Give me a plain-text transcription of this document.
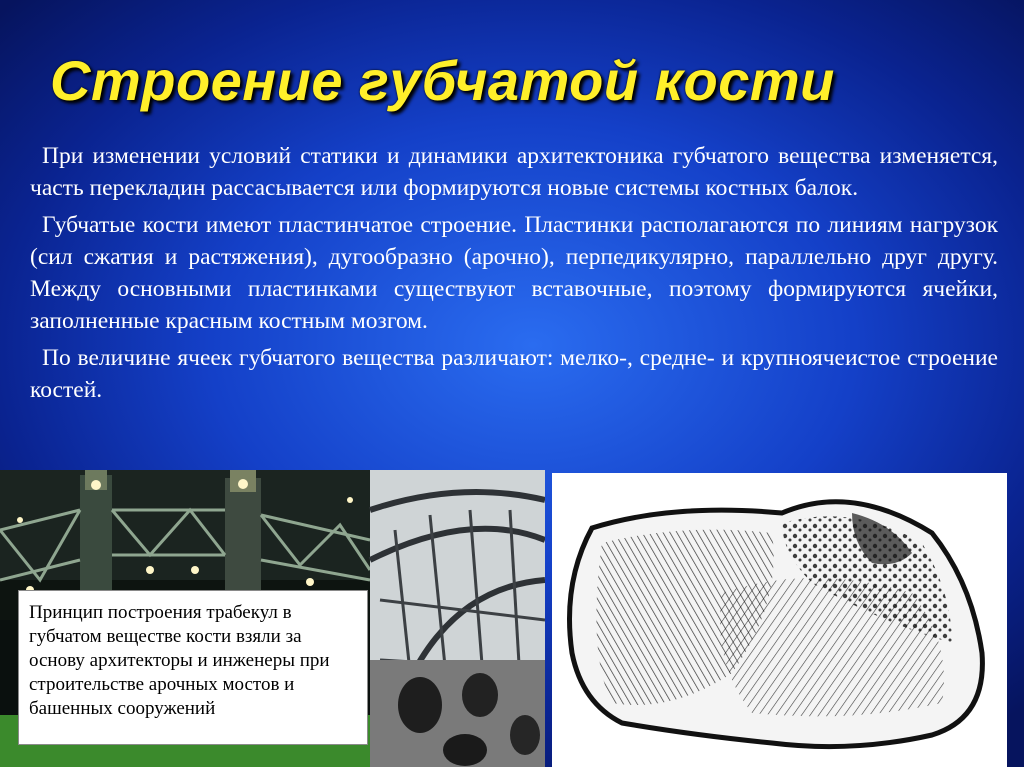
Строение губчатой кости

При изменении условий статики и динамики архитектоника губчатого вещества изменяется, часть перекладин рассасывается или формируются новые системы костных балок.

Губчатые кости имеют пластинчатое строение. Пластинки располагаются по линиям нагрузок (сил сжатия и растяжения), дугообразно (арочно), перпедикулярно, параллельно друг другу. Между основными пластинками существуют вставочные, поэтому формируются ячейки, заполненные красным костным мозгом.

По величине ячеек губчатого вещества различают: мелко-, средне- и крупноячеистое строение костей.

Принцип построения трабекул в губчатом веществе кости взяли за основу архитекторы и инженеры при строительстве арочных мостов и башенных сооружений
